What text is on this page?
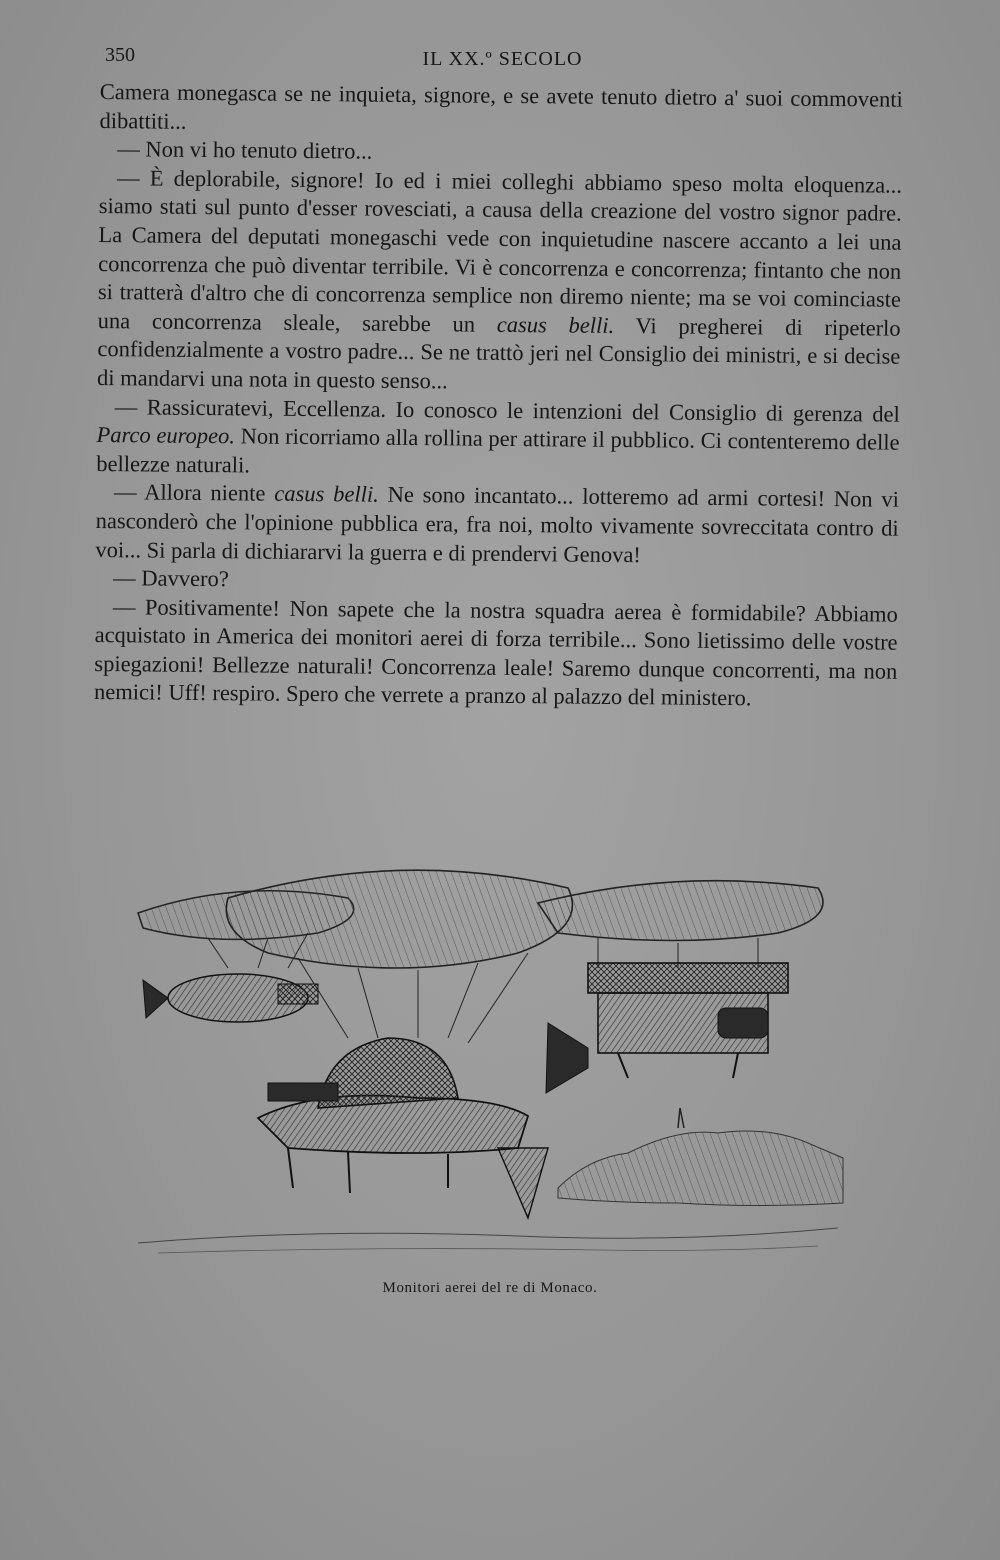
350	IL XX.º SECOLO

Camera monegasca se ne inquieta, signore, e se avete tenuto dietro a' suoi commoventi dibattiti...

— Non vi ho tenuto dietro...

— È deplorabile, signore! Io ed i miei colleghi abbiamo speso molta eloquenza... siamo stati sul punto d'esser rovesciati, a causa della creazione del vostro signor padre. La Camera del deputati monegaschi vede con inquietudine nascere accanto a lei una concorrenza che può diventar terribile. Vi è concorrenza e concorrenza; fintanto che non si tratterà d'altro che di concorrenza semplice non diremo niente; ma se voi cominciaste una concorrenza sleale, sarebbe un casus belli. Vi pregherei di ripeterlo confidenzialmente a vostro padre... Se ne trattò jeri nel Consiglio dei ministri, e si decise di mandarvi una nota in questo senso...

— Rassicuratevi, Eccellenza. Io conosco le intenzioni del Consiglio di gerenza del Parco europeo. Non ricorriamo alla rollina per attirare il pubblico. Ci contenteremo delle bellezze naturali.

— Allora niente casus belli. Ne sono incantato... lotteremo ad armi cortesi! Non vi nasconderò che l'opinione pubblica era, fra noi, molto vivamente sovreccitata contro di voi... Si parla di dichiararvi la guerra e di prendervi Genova!

— Davvero?

— Positivamente! Non sapete che la nostra squadra aerea è formidabile? Abbiamo acquistato in America dei monitori aerei di forza terribile... Sono lietissimo delle vostre spiegazioni! Bellezze naturali! Concorrenza leale! Saremo dunque concorrenti, ma non nemici! Uff! respiro. Spero che verrete a pranzo al palazzo del ministero.

Monitori aerei del re di Monaco.
